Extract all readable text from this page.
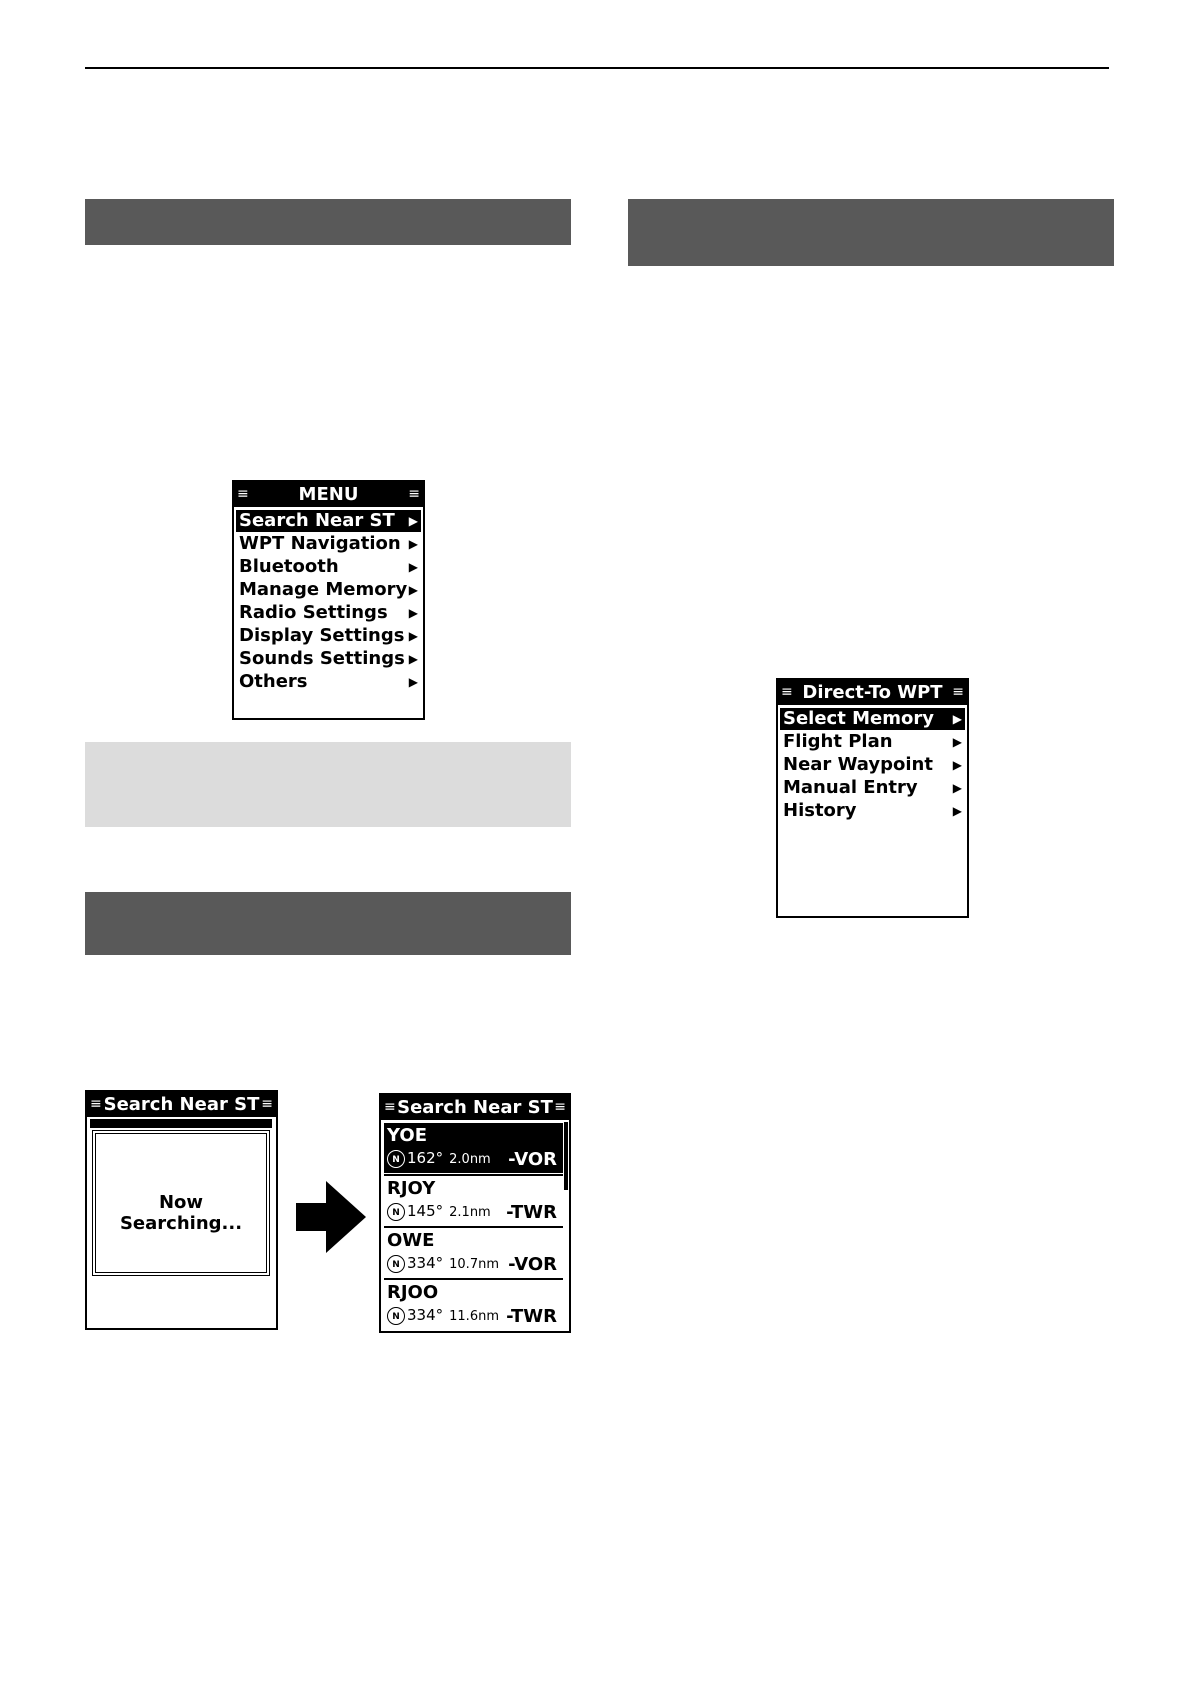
≡	MENU	≡
Search Near ST ▶
WPT Navigation ▶
Bluetooth	▶
Manage Memory ▶
Radio Settings ▶
Display Settings ▶
Sounds Settings ▶
Others	▶
≡ Direct-To WPT ≡
Select Memory ▶
Flight Plan	▶
Near Waypoint ▶
Manual Entry	▶
History	▶
≡ Search Near ST ≡
Now Searching...
≡ Search Near ST ≡
YOE
N 162° 2.0nm -VOR
RJOY
N 145° 2.1nm -TWR
OWE
N 334° 10.7nm -VOR
RJOO
N 334° 11.6nm -TWR
